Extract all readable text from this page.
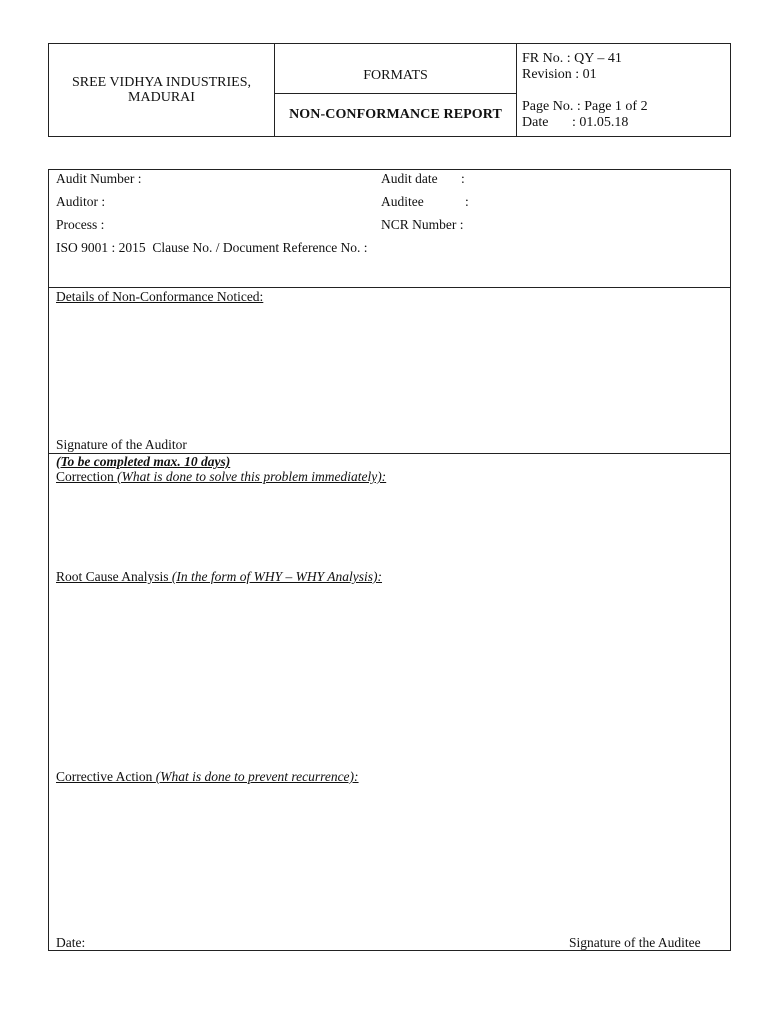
SREE VIDHYA INDUSTRIES,
MADURAI
FORMATS
NON-CONFORMANCE REPORT
FR No. : QY – 41
Revision : 01
Page No. : Page 1 of 2
Date : 01.05.18
Audit Number :	Audit date :
Auditor :	Auditee	:
Process :	NCR Number :
ISO 9001 : 2015  Clause No. / Document Reference No. :
Details of Non-Conformance Noticed:
Signature of the Auditor
(To be completed max. 10 days)
Correction (What is done to solve this problem immediately):
Root Cause Analysis (In the form of WHY – WHY Analysis):
Corrective Action (What is done to prevent recurrence):
Date:	Signature of the Auditee
